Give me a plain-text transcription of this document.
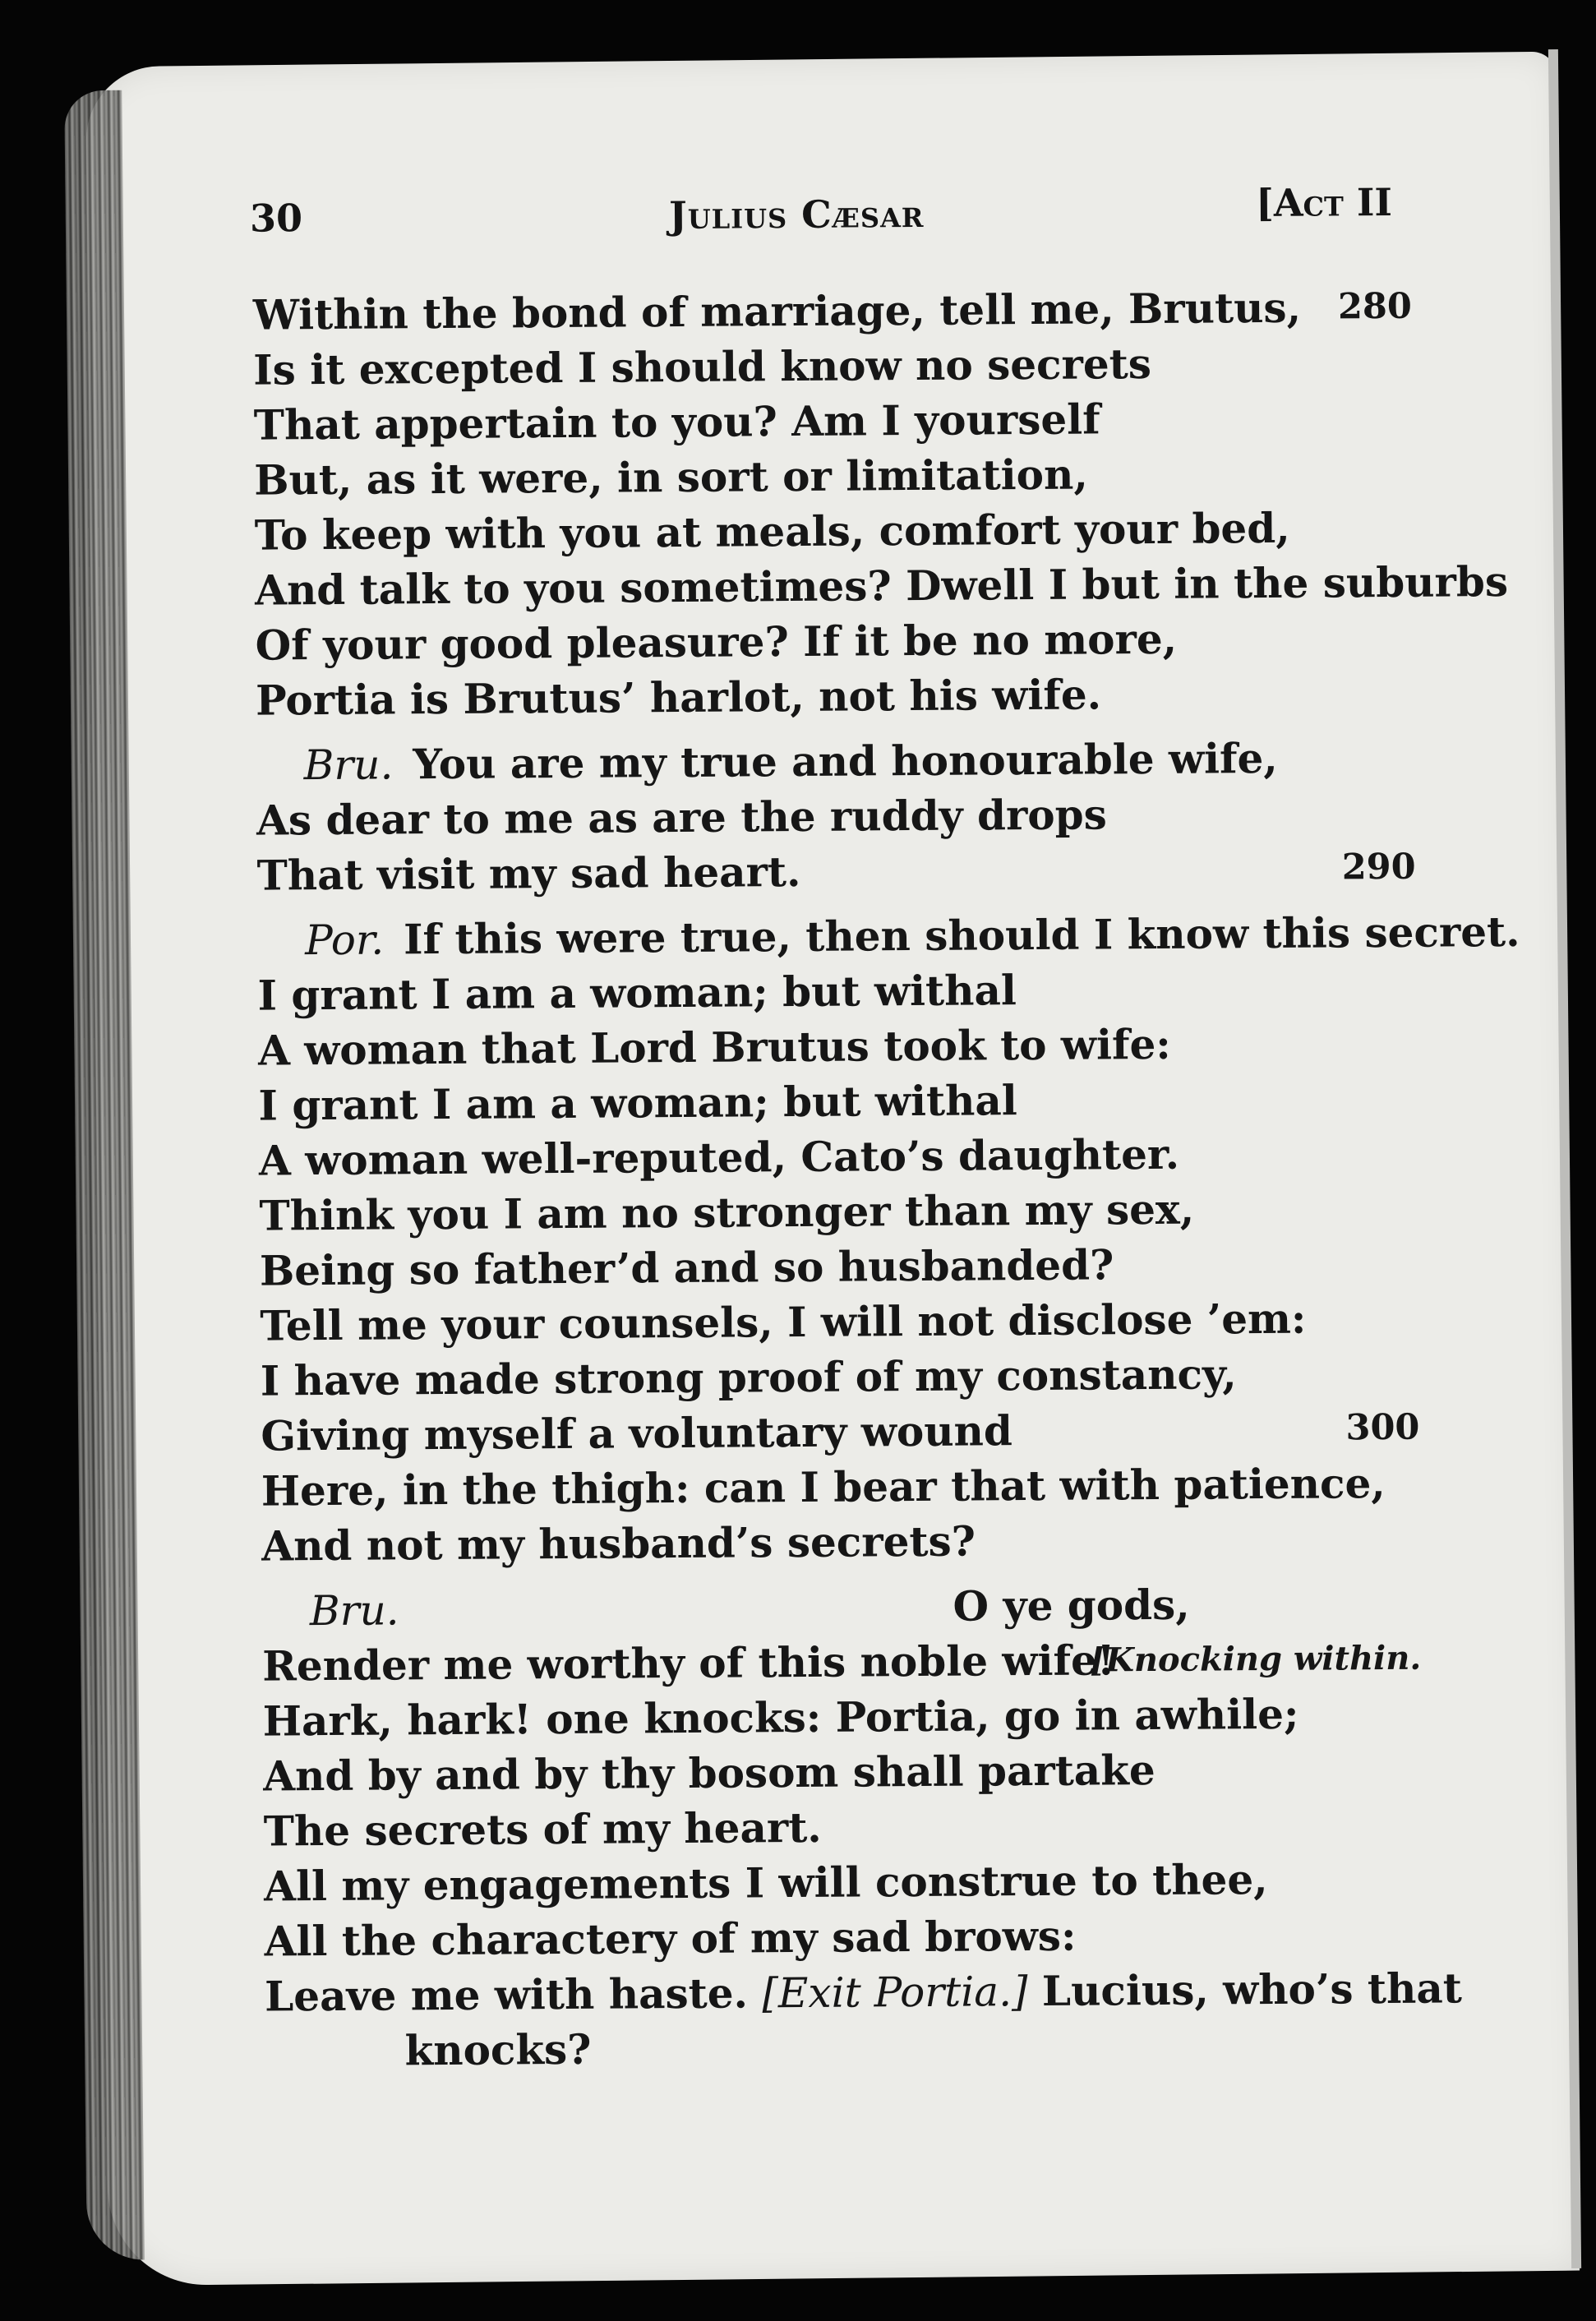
30	Julius Cæsar	[Act II
Within the bond of marriage, tell me, Brutus, 280
Is it excepted I should know no secrets
That appertain to you? Am I yourself
But, as it were, in sort or limitation,
To keep with you at meals, comfort your bed,
And talk to you sometimes? Dwell I but in the suburbs
Of your good pleasure? If it be no more,
Portia is Brutus’ harlot, not his wife.
Bru. You are my true and honourable wife,
As dear to me as are the ruddy drops
That visit my sad heart.	290
Por. If this were true, then should I know this secret.
I grant I am a woman; but withal
A woman that Lord Brutus took to wife:
I grant I am a woman; but withal
A woman well-reputed, Cato’s daughter.
Think you I am no stronger than my sex,
Being so father’d and so husbanded?
Tell me your counsels, I will not disclose ’em:
I have made strong proof of my constancy,
Giving myself a voluntary wound	300
Here, in the thigh: can I bear that with patience,
And not my husband’s secrets?
Bru.	O ye gods,
Render me worthy of this noble wife!
[Knocking within.
Hark, hark! one knocks: Portia, go in awhile;
And by and by thy bosom shall partake
The secrets of my heart.
All my engagements I will construe to thee,
All the charactery of my sad brows:
Leave me with haste. [Exit Portia.] Lucius, who’s that
knocks?
